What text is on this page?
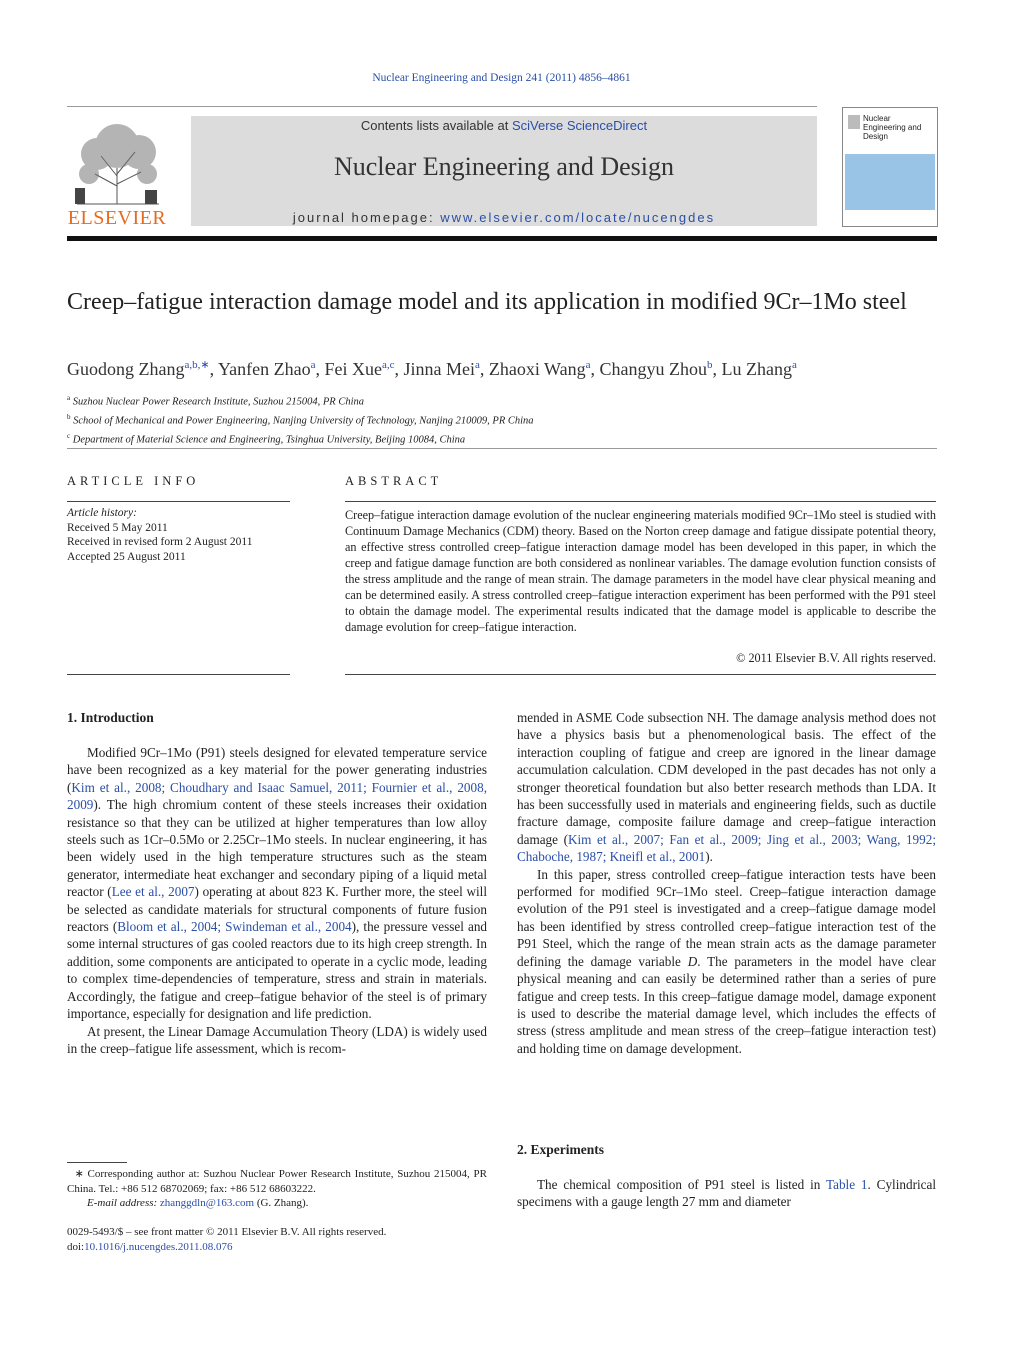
Nuclear Engineering and Design 241 (2011) 4856–4861
ELSEVIER
Contents lists available at SciVerse ScienceDirect
Nuclear Engineering and Design
journal homepage: www.elsevier.com/locate/nucengdes
Nuclear Engineering and Design
Creep–fatigue interaction damage model and its application in modified 9Cr–1Mo steel
Guodong Zhang$^{a,b,∗}$, Yanfen Zhao$^a$, Fei Xue$^{a,c}$, Jinna Mei$^a$, Zhaoxi Wang$^a$, Changyu Zhou$^b$, Lu Zhang$^a$
$^a$ Suzhou Nuclear Power Research Institute, Suzhou 215004, PR China
$^b$ School of Mechanical and Power Engineering, Nanjing University of Technology, Nanjing 210009, PR China
$^c$ Department of Material Science and Engineering, Tsinghua University, Beijing 10084, China
ARTICLE INFO
Article history:
Received 5 May 2011
Received in revised form 2 August 2011
Accepted 25 August 2011
ABSTRACT
Creep–fatigue interaction damage evolution of the nuclear engineering materials modified 9Cr–1Mo steel is studied with Continuum Damage Mechanics (CDM) theory. Based on the Norton creep damage and fatigue dissipate potential theory, an effective stress controlled creep–fatigue interaction damage model has been developed in this paper, in which the creep and fatigue damage function are both considered as nonlinear variables. The damage evolution function consists of the stress amplitude and the range of mean strain. The damage parameters in the model have clear physical meaning and can be determined easily. A stress controlled creep–fatigue interaction experiment has been performed with the P91 steel to obtain the damage model. The experimental results indicated that the damage model is applicable to describe the damage evolution for creep–fatigue interaction.
© 2011 Elsevier B.V. All rights reserved.
1. Introduction

Modified 9Cr–1Mo (P91) steels designed for elevated temperature service have been recognized as a key material for the power generating industries (Kim et al., 2008; Choudhary and Isaac Samuel, 2011; Fournier et al., 2008, 2009). The high chromium content of these steels increases their oxidation resistance so that they can be utilized at higher temperatures than low alloy steels such as 1Cr–0.5Mo or 2.25Cr–1Mo steels. In nuclear engineering, it has been widely used in the high temperature structures such as the steam generator, intermediate heat exchanger and secondary piping of a liquid metal reactor (Lee et al., 2007) operating at about 823 K. Further more, the steel will be selected as candidate materials for structural components of future fusion reactors (Bloom et al., 2004; Swindeman et al., 2004), the pressure vessel and some internal structures of gas cooled reactors due to its high creep strength. In addition, some components are anticipated to operate in a cyclic mode, leading to complex time-dependencies of temperature, stress and strain in materials. Accordingly, the fatigue and creep–fatigue behavior of the steel is of primary importance, especially for designation and life prediction.

At present, the Linear Damage Accumulation Theory (LDA) is widely used in the creep–fatigue life assessment, which is recom-

mended in ASME Code subsection NH. The damage analysis method does not have a physics basis but a phenomenological basis. The effect of the interaction coupling of fatigue and creep are ignored in the linear damage accumulation calculation. CDM developed in the past decades has not only a stronger theoretical foundation but also better research methods than LDA. It has been successfully used in materials and engineering fields, such as ductile fracture damage, composite failure damage and creep–fatigue interaction damage (Kim et al., 2007; Fan et al., 2009; Jing et al., 2003; Wang, 1992; Chaboche, 1987; Kneifl et al., 2001).

In this paper, stress controlled creep–fatigue interaction tests have been performed for modified 9Cr–1Mo steel. Creep–fatigue interaction damage evolution of the P91 steel is investigated and a creep–fatigue damage model has been identified by stress controlled creep–fatigue interaction test of the P91 Steel, which the range of the mean strain acts as the damage parameter defining the damage variable D. The parameters in the model have clear physical meaning and can easily be determined rather than a series of pure fatigue and creep tests. In this creep–fatigue damage model, damage exponent is used to describe the material damage level, which includes the effects of stress (stress amplitude and mean stress of the creep–fatigue interaction test) and holding time on damage development.

2. Experiments

The chemical composition of P91 steel is listed in Table 1. Cylindrical specimens with a gauge length 27 mm and diameter

∗ Corresponding author at: Suzhou Nuclear Power Research Institute, Suzhou 215004, PR China. Tel.: +86 512 68702069; fax: +86 512 68603222.
E-mail address: zhanggdln@163.com (G. Zhang).
0029-5493/$ – see front matter © 2011 Elsevier B.V. All rights reserved.
doi:10.1016/j.nucengdes.2011.08.076
